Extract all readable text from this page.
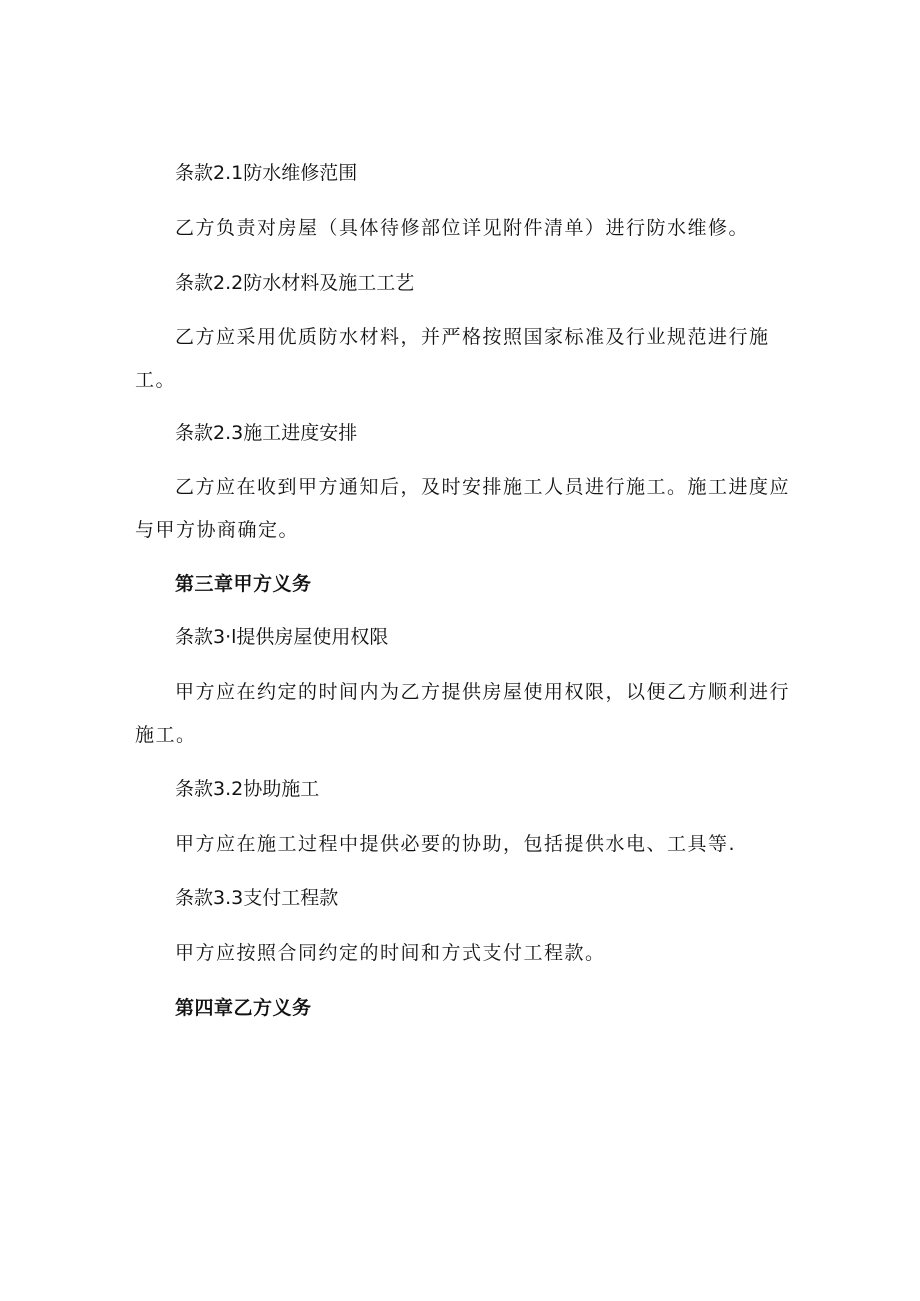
条款2.1防水维修范围
乙方负责对房屋（具体待修部位详见附件清单）进行防水维修。
条款2.2防水材料及施工工艺
乙方应采用优质防水材料，并严格按照国家标准及行业规范进行施
工。
条款2.3施工进度安排
乙方应在收到甲方通知后，及时安排施工人员进行施工。施工进度应
与甲方协商确定。
第三章甲方义务
条款3·l提供房屋使用权限
甲方应在约定的时间内为乙方提供房屋使用权限，以便乙方顺利进行
施工。
条款3.2协助施工
甲方应在施工过程中提供必要的协助，包括提供水电、工具等.
条款3.3支付工程款
甲方应按照合同约定的时间和方式支付工程款。
第四章乙方义务
